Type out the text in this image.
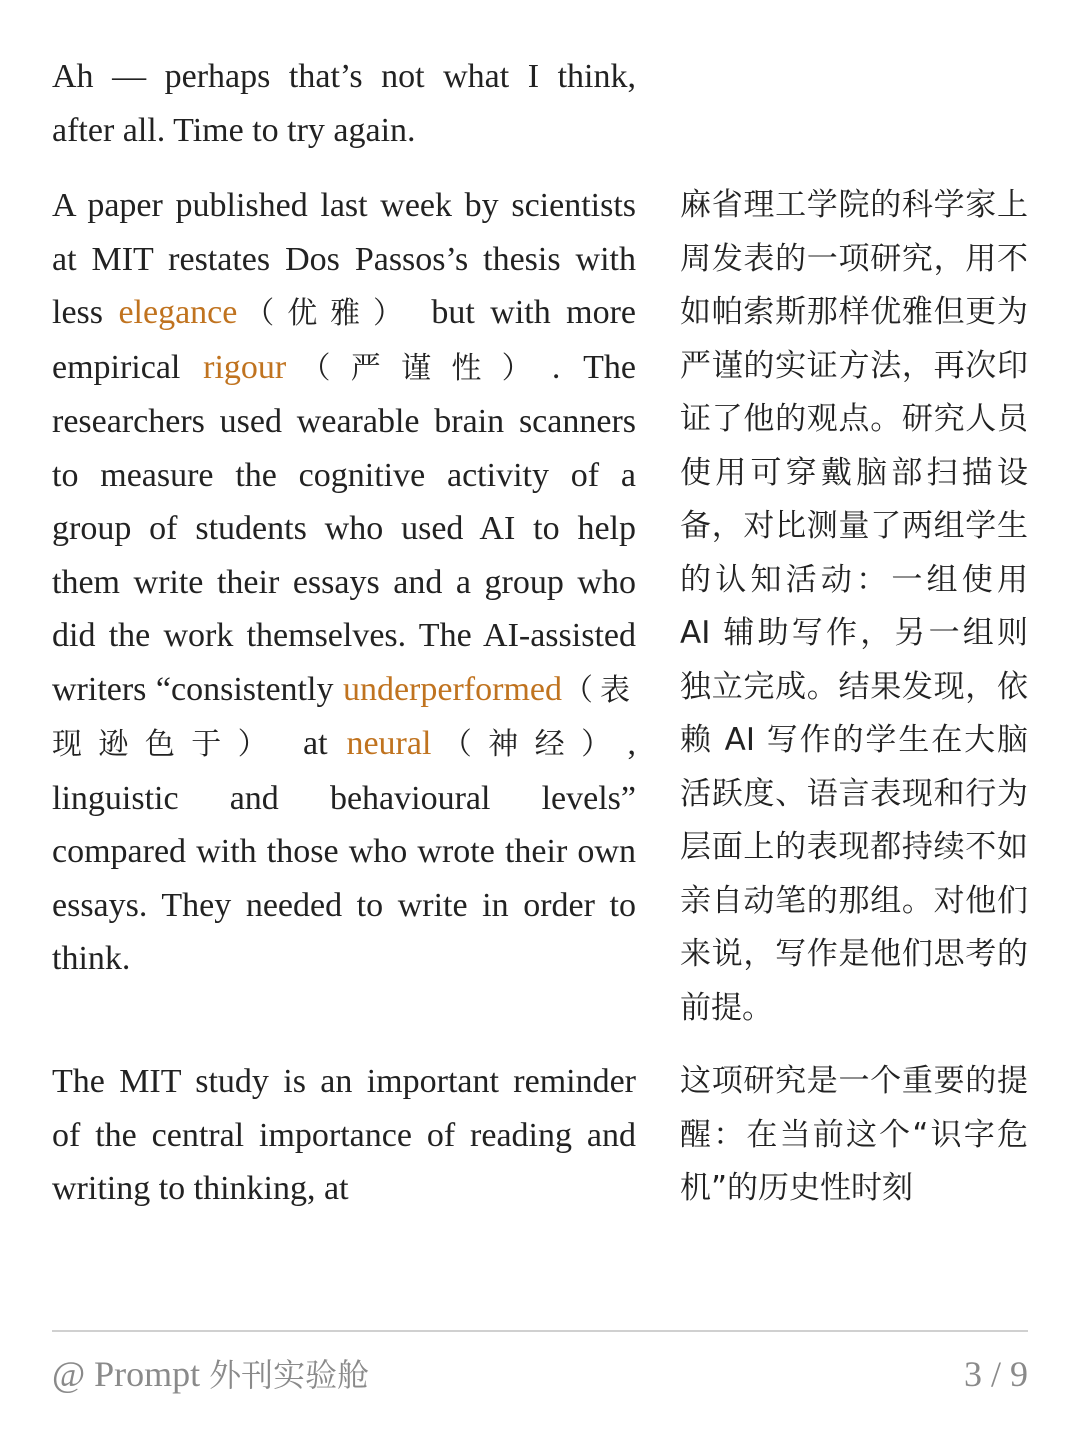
Ah — perhaps that’s not what I think, after all. Time to try again.
A paper published last week by scientists at MIT restates Dos Passos’s thesis with less elegance（优雅） but with more empirical rigour（严谨性）. The researchers used wearable brain scanners to measure the cognitive activity of a group of students who used AI to help them write their essays and a group who did the work themselves. The AI-assisted writers “consistently underperformed（表现逊色于） at neural（神经）, linguistic and behavioural levels” compared with those who wrote their own essays. They needed to write in order to think.
麻省理工学院的科学家上周发表的一项研究，用不如帕索斯那样优雅但更为严谨的实证方法，再次印证了他的观点。研究人员使用可穿戴脑部扫描设备，对比测量了两组学生的认知活动：一组使用 AI 辅助写作，另一组则独立完成。结果发现，依赖 AI 写作的学生在大脑活跃度、语言表现和行为层面上的表现都持续不如亲自动笔的那组。对他们来说，写作是他们思考的前提。
The MIT study is an important reminder of the central importance of reading and writing to thinking, at
这项研究是一个重要的提醒：在当前这个“识字危机”的历史性时刻
@ Prompt 外刊实验舱	3 / 9
